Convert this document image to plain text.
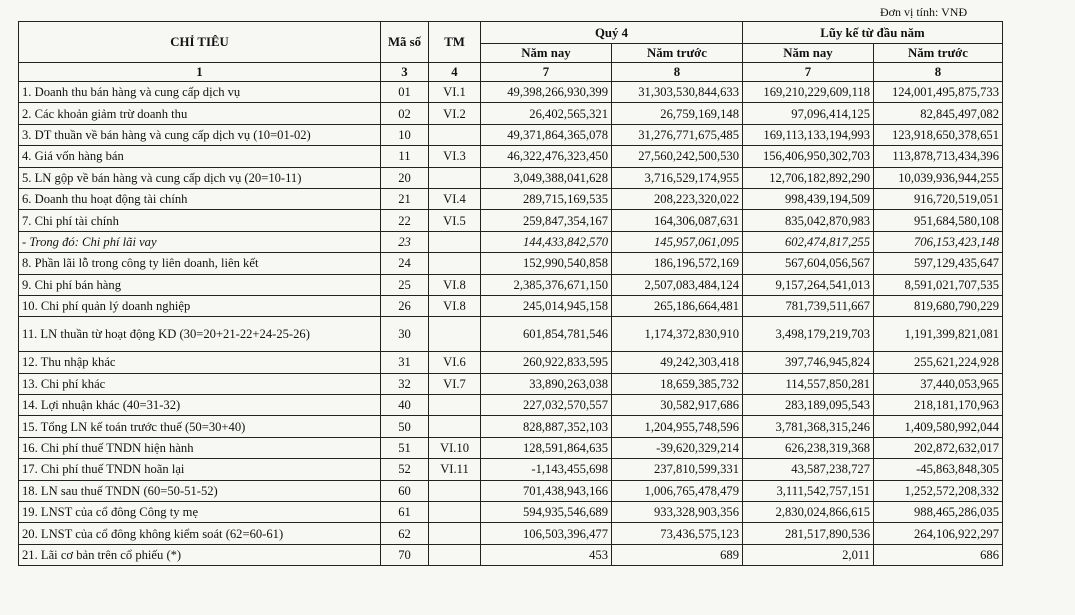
Đơn vị tính: VNĐ
CHỈ TIÊU	Mã số	TM	Quý 4		Lũy kế từ đầu năm	
			Năm nay	Năm trước	Năm nay	Năm trước
1	3	4	7	8	7	8
1. Doanh thu bán hàng và cung cấp dịch vụ	01	VI.1	49,398,266,930,399	31,303,530,844,633	169,210,229,609,118	124,001,495,875,733
2. Các khoản giảm trừ doanh thu	02	VI.2	26,402,565,321	26,759,169,148	97,096,414,125	82,845,497,082
3. DT thuần về bán hàng và cung cấp dịch vụ (10=01-02)	10		49,371,864,365,078	31,276,771,675,485	169,113,133,194,993	123,918,650,378,651
4. Giá vốn hàng bán	11	VI.3	46,322,476,323,450	27,560,242,500,530	156,406,950,302,703	113,878,713,434,396
5. LN gộp về bán hàng và cung cấp dịch vụ (20=10-11)	20		3,049,388,041,628	3,716,529,174,955	12,706,182,892,290	10,039,936,944,255
6. Doanh thu hoạt động tài chính	21	VI.4	289,715,169,535	208,223,320,022	998,439,194,509	916,720,519,051
7. Chi phí tài chính	22	VI.5	259,847,354,167	164,306,087,631	835,042,870,983	951,684,580,108
- Trong đó: Chi phí lãi vay	23		144,433,842,570	145,957,061,095	602,474,817,255	706,153,423,148
8. Phần lãi lỗ trong công ty liên doanh, liên kết	24		152,990,540,858	186,196,572,169	567,604,056,567	597,129,435,647
9. Chi phí bán hàng	25	VI.8	2,385,376,671,150	2,507,083,484,124	9,157,264,541,013	8,591,021,707,535
10. Chi phí quản lý doanh nghiệp	26	VI.8	245,014,945,158	265,186,664,481	781,739,511,667	819,680,790,229
11. LN thuần từ hoạt động KD (30=20+21-22+24-25-26)	30		601,854,781,546	1,174,372,830,910	3,498,179,219,703	1,191,399,821,081
12. Thu nhập khác	31	VI.6	260,922,833,595	49,242,303,418	397,746,945,824	255,621,224,928
13. Chi phí khác	32	VI.7	33,890,263,038	18,659,385,732	114,557,850,281	37,440,053,965
14. Lợi nhuận khác (40=31-32)	40		227,032,570,557	30,582,917,686	283,189,095,543	218,181,170,963
15. Tổng LN kế toán trước thuế (50=30+40)	50		828,887,352,103	1,204,955,748,596	3,781,368,315,246	1,409,580,992,044
16. Chi phí thuế TNDN hiện hành	51	VI.10	128,591,864,635	-39,620,329,214	626,238,319,368	202,872,632,017
17. Chi phí thuế TNDN hoãn lại	52	VI.11	-1,143,455,698	237,810,599,331	43,587,238,727	-45,863,848,305
18. LN sau thuế TNDN (60=50-51-52)	60		701,438,943,166	1,006,765,478,479	3,111,542,757,151	1,252,572,208,332
19. LNST của cổ đông Công ty mẹ	61		594,935,546,689	933,328,903,356	2,830,024,866,615	988,465,286,035
20. LNST của cổ đông không kiểm soát (62=60-61)	62		106,503,396,477	73,436,575,123	281,517,890,536	264,106,922,297
21. Lãi cơ bản trên cổ phiếu (*)	70		453	689	2,011	686
